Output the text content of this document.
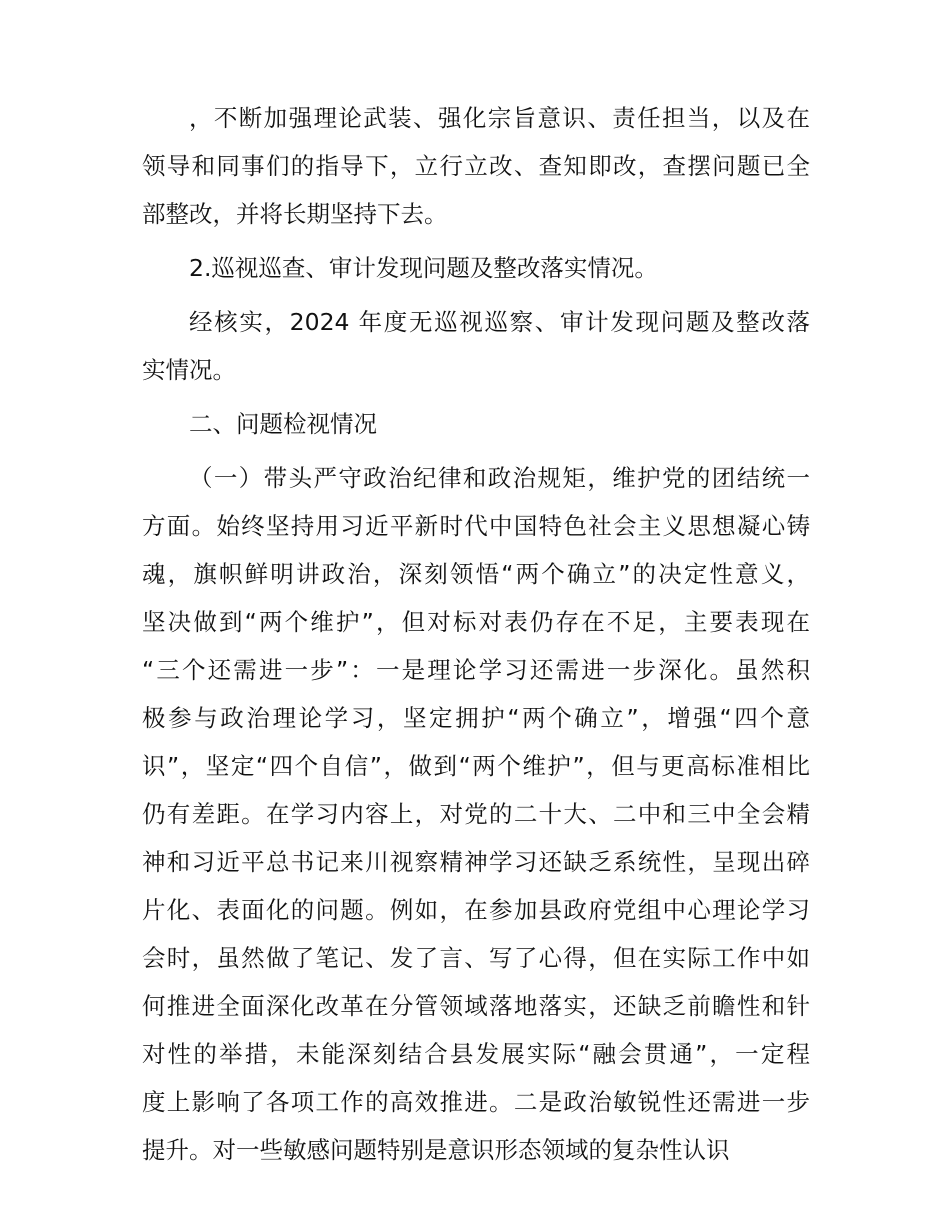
，不断加强理论武装、强化宗旨意识、责任担当，以及在
领导和同事们的指导下，立行立改、查知即改，查摆问题已全
部整改，并将长期坚持下去。
2.巡视巡查、审计发现问题及整改落实情况。
经核实，2024 年度无巡视巡察、审计发现问题及整改落
实情况。
二、问题检视情况
（一）带头严守政治纪律和政治规矩，维护党的团结统一
方面。始终坚持用习近平新时代中国特色社会主义思想凝心铸
魂，旗帜鲜明讲政治，深刻领悟“两个确立”的决定性意义，
坚决做到“两个维护”，但对标对表仍存在不足，主要表现在
“三个还需进一步”：一是理论学习还需进一步深化。虽然积
极参与政治理论学习，坚定拥护“两个确立”，增强“四个意
识”，坚定“四个自信”，做到“两个维护”，但与更高标准相比
仍有差距。在学习内容上，对党的二十大、二中和三中全会精
神和习近平总书记来川视察精神学习还缺乏系统性，呈现出碎
片化、表面化的问题。例如，在参加县政府党组中心理论学习
会时，虽然做了笔记、发了言、写了心得，但在实际工作中如
何推进全面深化改革在分管领域落地落实，还缺乏前瞻性和针
对性的举措，未能深刻结合县发展实际“融会贯通”，一定程
度上影响了各项工作的高效推进。二是政治敏锐性还需进一步
提升。对一些敏感问题特别是意识形态领域的复杂性认识
